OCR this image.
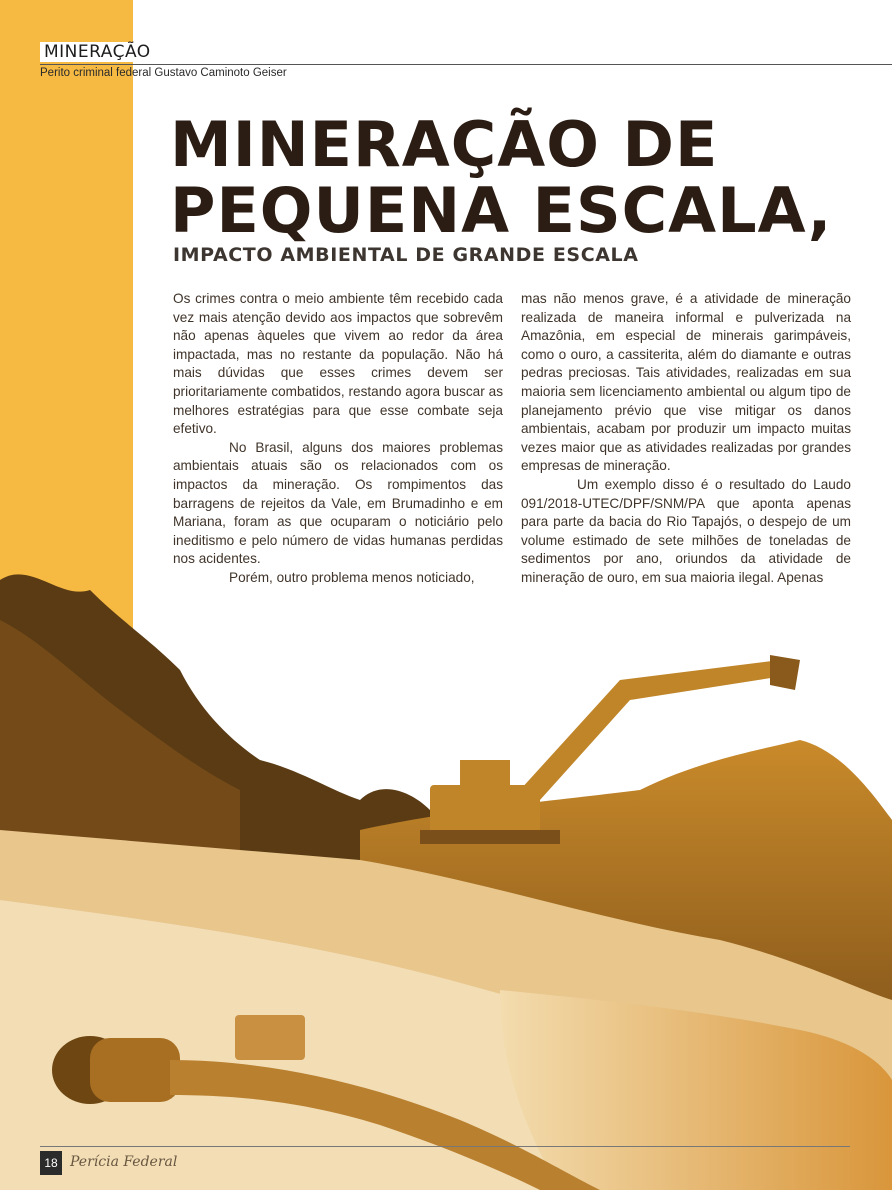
MINERAÇÃO
Perito criminal federal Gustavo Caminoto Geiser
MINERAÇÃO DE
PEQUENA ESCALA,
IMPACTO AMBIENTAL DE GRANDE ESCALA

Os crimes contra o meio ambiente têm recebido cada vez mais atenção devido aos impactos que sobrevêm não apenas àqueles que vivem ao redor da área impactada, mas no restante da população. Não há mais dúvidas que esses crimes devem ser prioritariamente combatidos, restando agora buscar as melhores estratégias para que esse combate seja efetivo.

No Brasil, alguns dos maiores problemas ambientais atuais são os relacionados com os impactos da mineração. Os rompimentos das barragens de rejeitos da Vale, em Brumadinho e em Mariana, foram as que ocuparam o noticiário pelo ineditismo e pelo número de vidas humanas perdidas nos acidentes.

Porém, outro problema menos noticiado,

mas não menos grave, é a atividade de mineração realizada de maneira informal e pulverizada na Amazônia, em especial de minerais garimpáveis, como o ouro, a cassiterita, além do diamante e outras pedras preciosas. Tais atividades, realizadas em sua maioria sem licenciamento ambiental ou algum tipo de planejamento prévio que vise mitigar os danos ambientais, acabam por produzir um impacto muitas vezes maior que as atividades realizadas por grandes empresas de mineração.

Um exemplo disso é o resultado do Laudo 091/2018-UTEC/DPF/SNM/PA que aponta apenas para parte da bacia do Rio Tapajós, o despejo de um volume estimado de sete milhões de toneladas de sedimentos por ano, oriundos da atividade de mineração de ouro, em sua maioria ilegal. Apenas

18 Perícia Federal
